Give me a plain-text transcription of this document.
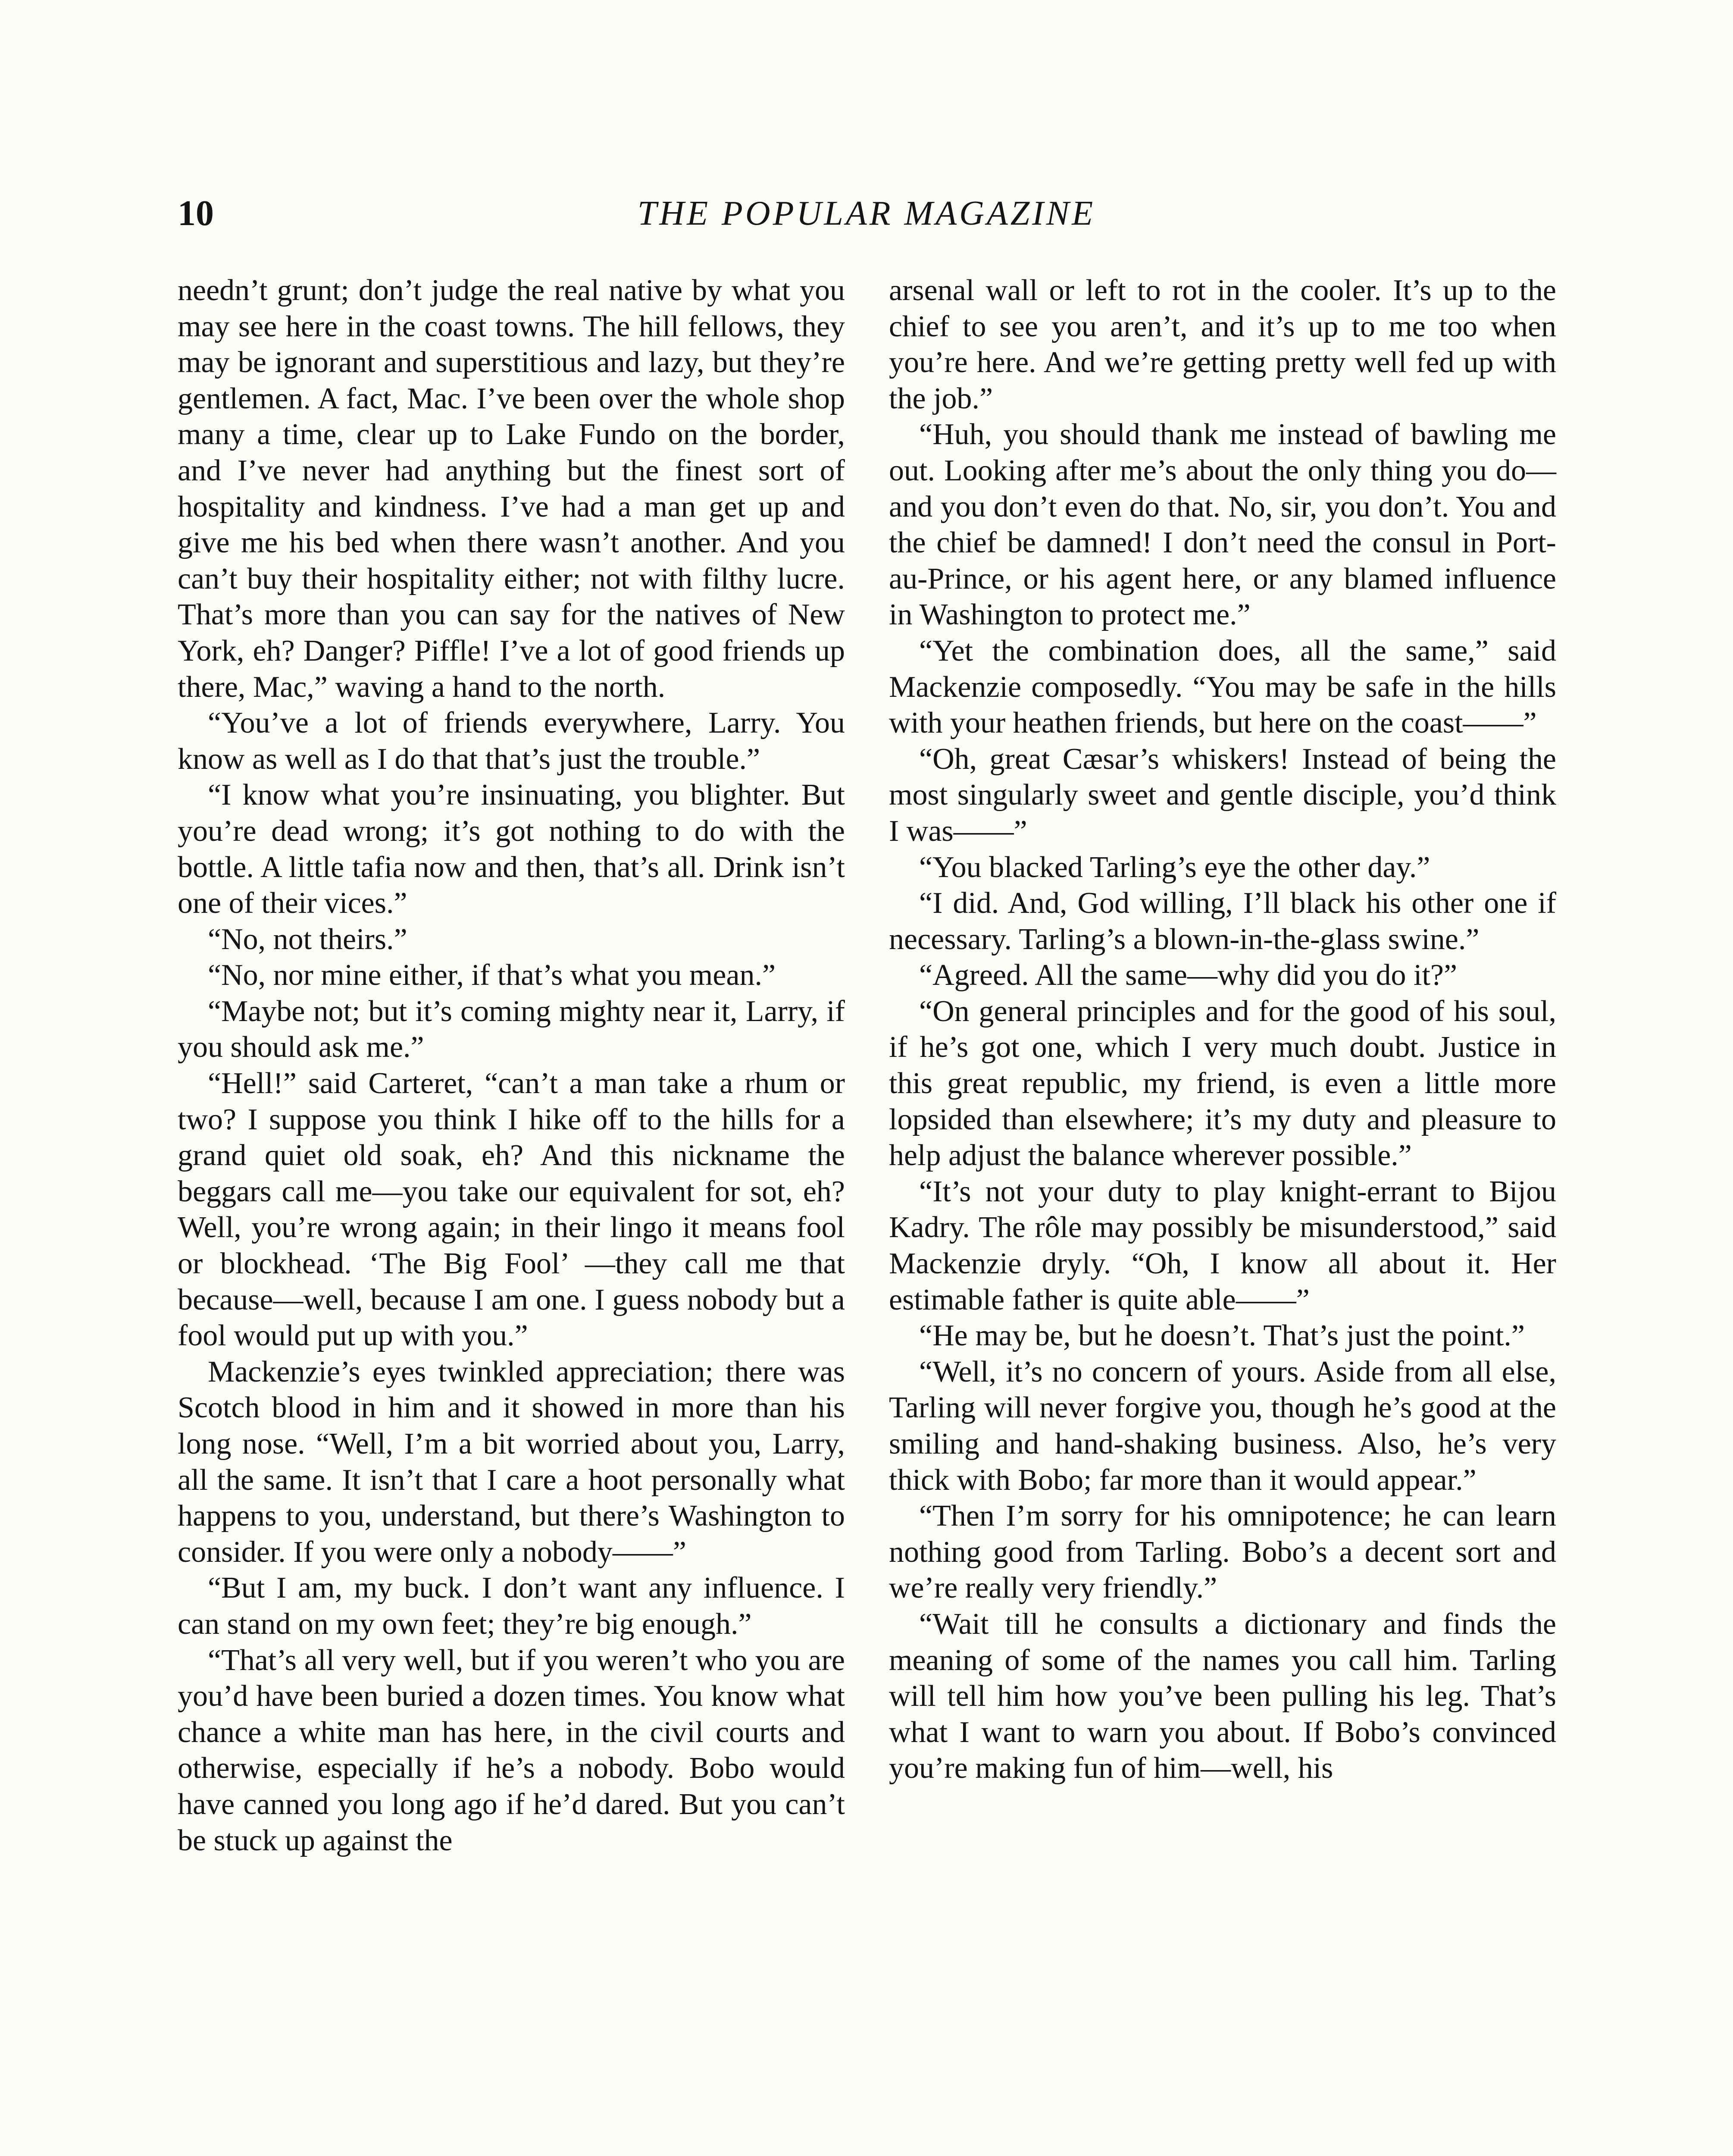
10	THE POPULAR MAGAZINE

needn’t grunt; don’t judge the real native by what you may see here in the coast towns. The hill fellows, they may be ignorant and superstitious and lazy, but they’re gentlemen. A fact, Mac. I’ve been over the whole shop many a time, clear up to Lake Fundo on the border, and I’ve never had anything but the finest sort of hospitality and kindness. I’ve had a man get up and give me his bed when there wasn’t another. And you can’t buy their hospitality either; not with filthy lucre. That’s more than you can say for the natives of New York, eh? Danger? Piffle! I’ve a lot of good friends up there, Mac,” waving a hand to the north.

“You’ve a lot of friends everywhere, Larry. You know as well as I do that that’s just the trouble.”

“I know what you’re insinuating, you blighter. But you’re dead wrong; it’s got nothing to do with the bottle. A little tafia now and then, that’s all. Drink isn’t one of their vices.”

“No, not theirs.”

“No, nor mine either, if that’s what you mean.”

“Maybe not; but it’s coming mighty near it, Larry, if you should ask me.”

“Hell!” said Carteret, “can’t a man take a rhum or two? I suppose you think I hike off to the hills for a grand quiet old soak, eh? And this nickname the beggars call me—you take our equivalent for sot, eh? Well, you’re wrong again; in their lingo it means fool or blockhead. ‘The Big Fool’ —they call me that because—well, because I am one. I guess nobody but a fool would put up with you.”

Mackenzie’s eyes twinkled appreciation; there was Scotch blood in him and it showed in more than his long nose. “Well, I’m a bit worried about you, Larry, all the same. It isn’t that I care a hoot personally what happens to you, understand, but there’s Washington to consider. If you were only a nobody——”

“But I am, my buck. I don’t want any influence. I can stand on my own feet; they’re big enough.”

“That’s all very well, but if you weren’t who you are you’d have been buried a dozen times. You know what chance a white man has here, in the civil courts and otherwise, especially if he’s a nobody. Bobo would have canned you long ago if he’d dared. But you can’t be stuck up against the

arsenal wall or left to rot in the cooler. It’s up to the chief to see you aren’t, and it’s up to me too when you’re here. And we’re getting pretty well fed up with the job.”

“Huh, you should thank me instead of bawling me out. Looking after me’s about the only thing you do—and you don’t even do that. No, sir, you don’t. You and the chief be damned! I don’t need the consul in Port-au-Prince, or his agent here, or any blamed influence in Washington to protect me.”

“Yet the combination does, all the same,” said Mackenzie composedly. “You may be safe in the hills with your heathen friends, but here on the coast——”

“Oh, great Cæsar’s whiskers! Instead of being the most singularly sweet and gentle disciple, you’d think I was——”

“You blacked Tarling’s eye the other day.”

“I did. And, God willing, I’ll black his other one if necessary. Tarling’s a blown-in-the-glass swine.”

“Agreed. All the same—why did you do it?”

“On general principles and for the good of his soul, if he’s got one, which I very much doubt. Justice in this great republic, my friend, is even a little more lopsided than elsewhere; it’s my duty and pleasure to help adjust the balance wherever possible.”

“It’s not your duty to play knight-errant to Bijou Kadry. The rôle may possibly be misunderstood,” said Mackenzie dryly. “Oh, I know all about it. Her estimable father is quite able——”

“He may be, but he doesn’t. That’s just the point.”

“Well, it’s no concern of yours. Aside from all else, Tarling will never forgive you, though he’s good at the smiling and hand-shaking business. Also, he’s very thick with Bobo; far more than it would appear.”

“Then I’m sorry for his omnipotence; he can learn nothing good from Tarling. Bobo’s a decent sort and we’re really very friendly.”

“Wait till he consults a dictionary and finds the meaning of some of the names you call him. Tarling will tell him how you’ve been pulling his leg. That’s what I want to warn you about. If Bobo’s convinced you’re making fun of him—well, his
